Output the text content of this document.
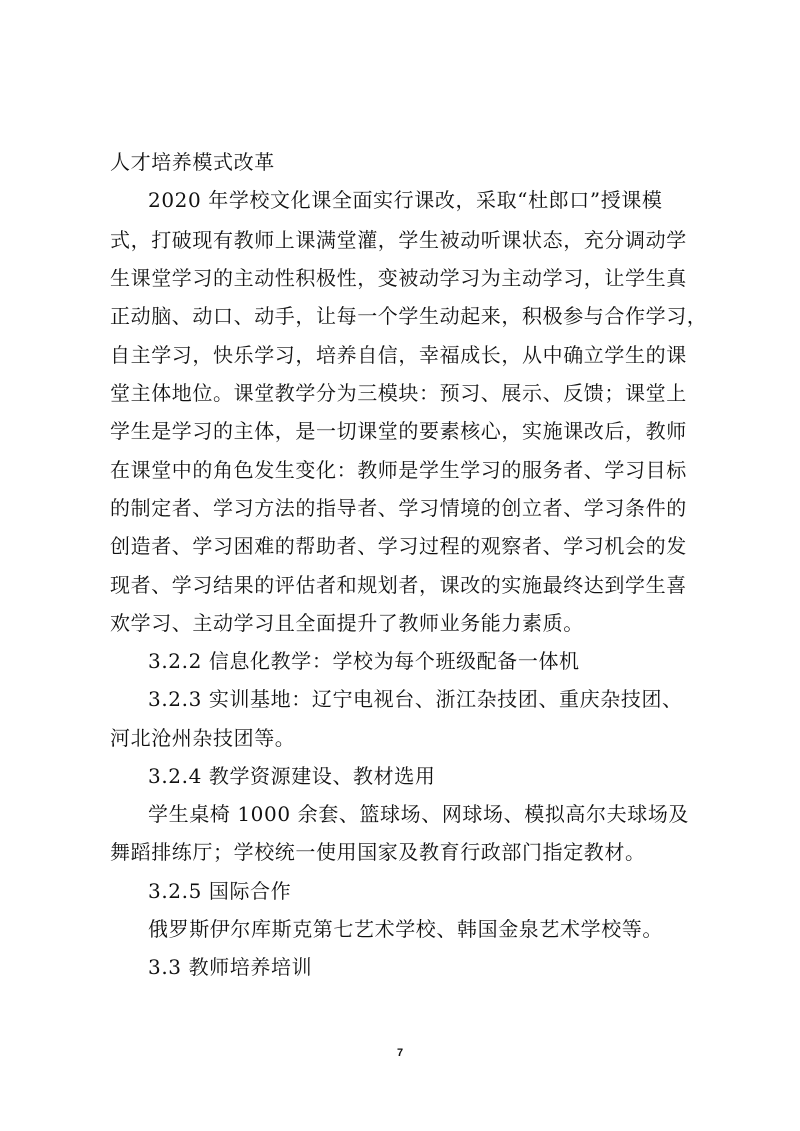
人才培养模式改革
2020 年学校文化课全面实行课改，采取“杜郎口”授课模
式，打破现有教师上课满堂灌，学生被动听课状态，充分调动学
生课堂学习的主动性积极性，变被动学习为主动学习，让学生真
正动脑、动口、动手，让每一个学生动起来，积极参与合作学习，
自主学习，快乐学习，培养自信，幸福成长，从中确立学生的课
堂主体地位。课堂教学分为三模块：预习、展示、反馈；课堂上
学生是学习的主体，是一切课堂的要素核心，实施课改后，教师
在课堂中的角色发生变化：教师是学生学习的服务者、学习目标
的制定者、学习方法的指导者、学习情境的创立者、学习条件的
创造者、学习困难的帮助者、学习过程的观察者、学习机会的发
现者、学习结果的评估者和规划者，课改的实施最终达到学生喜
欢学习、主动学习且全面提升了教师业务能力素质。
3.2.2 信息化教学：学校为每个班级配备一体机
3.2.3 实训基地：辽宁电视台、浙江杂技团、重庆杂技团、
河北沧州杂技团等。
3.2.4 教学资源建设、教材选用
学生桌椅 1000 余套、篮球场、网球场、模拟高尔夫球场及
舞蹈排练厅；学校统一使用国家及教育行政部门指定教材。
3.2.5 国际合作
俄罗斯伊尔库斯克第七艺术学校、韩国金泉艺术学校等。
3.3 教师培养培训
7
